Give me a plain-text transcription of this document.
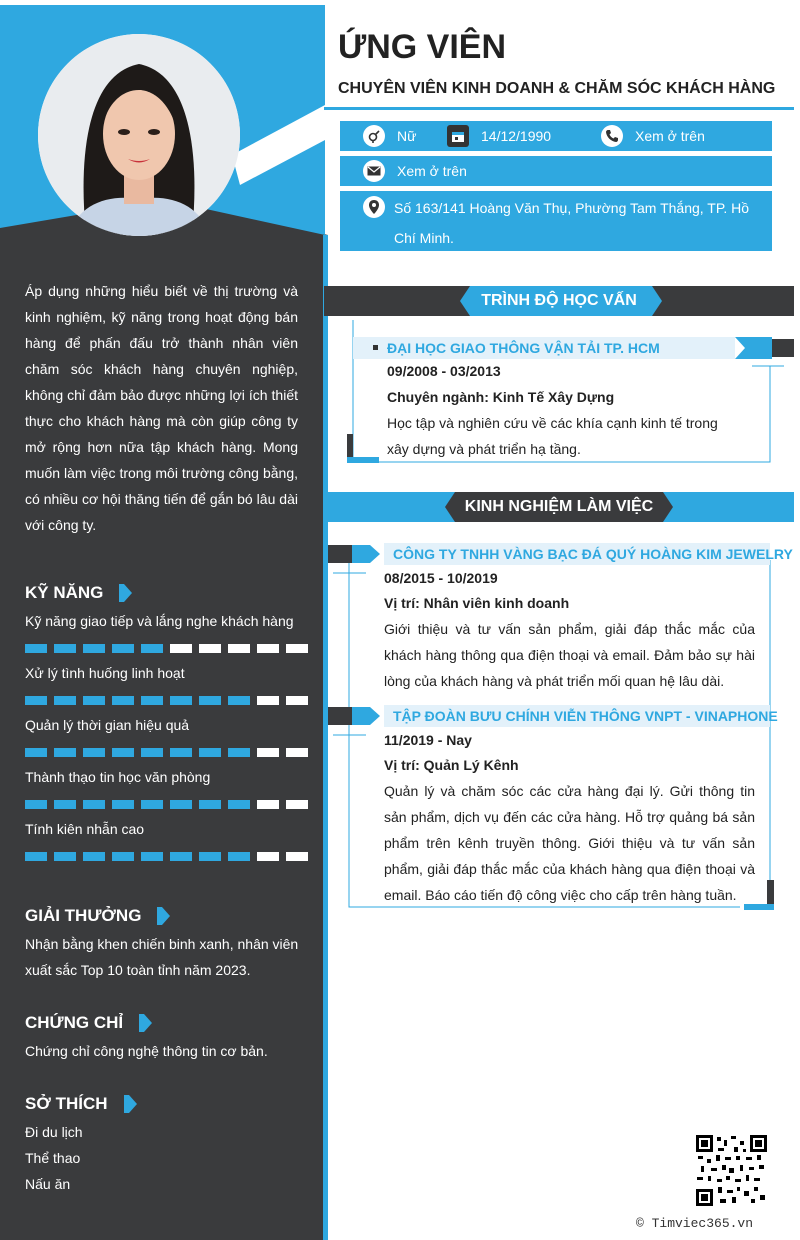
Áp dụng những hiểu biết về thị trường và kinh nghiệm, kỹ năng trong hoạt động bán hàng để phấn đấu trở thành nhân viên chăm sóc khách hàng chuyên nghiệp, không chỉ đảm bảo được những lợi ích thiết thực cho khách hàng mà còn giúp công ty mở rộng hơn nữa tập khách hàng. Mong muốn làm việc trong môi trường công bằng, có nhiều cơ hội thăng tiến để gắn bó lâu dài với công ty.
KỸ NĂNG
Kỹ năng giao tiếp và lắng nghe khách hàng
Xử lý tình huống linh hoạt
Quản lý thời gian hiệu quả
Thành thạo tin học văn phòng
Tính kiên nhẫn cao
GIẢI THƯỞNG
Nhận bằng khen chiến binh xanh, nhân viên xuất sắc Top 10 toàn tỉnh năm 2023.
CHỨNG CHỈ
Chứng chỉ công nghệ thông tin cơ bản.
SỞ THÍCH
Đi du lịch
Thể thao
Nấu ăn
ỨNG VIÊN
CHUYÊN VIÊN KINH DOANH & CHĂM SÓC KHÁCH HÀNG
Nữ	14/12/1990	Xem ở trên
Xem ở trên
Số 163/141 Hoàng Văn Thụ, Phường Tam Thắng, TP. Hồ
Chí Minh.
TRÌNH ĐỘ HỌC VẤN
ĐẠI HỌC GIAO THÔNG VẬN TẢI TP. HCM
09/2008 - 03/2013
Chuyên ngành: Kinh Tế Xây Dựng
Học tập và nghiên cứu về các khía cạnh kinh tế trong
xây dựng và phát triển hạ tầng.
KINH NGHIỆM LÀM VIỆC
CÔNG TY TNHH VÀNG BẠC ĐÁ QUÝ HOÀNG KIM JEWELRY
08/2015 - 10/2019
Vị trí: Nhân viên kinh doanh
Giới thiệu và tư vấn sản phẩm, giải đáp thắc mắc của khách hàng thông qua điện thoại và email. Đảm bảo sự hài lòng của khách hàng và phát triển mối quan hệ lâu dài.
TẬP ĐOÀN BƯU CHÍNH VIỄN THÔNG VNPT - VINAPHONE
11/2019 - Nay
Vị trí: Quản Lý Kênh
Quản lý và chăm sóc các cửa hàng đại lý. Gửi thông tin sản phẩm, dịch vụ đến các cửa hàng. Hỗ trợ quảng bá sản phẩm trên kênh truyền thông. Giới thiệu và tư vấn sản phẩm, giải đáp thắc mắc của khách hàng qua điện thoại và email. Báo cáo tiến độ công việc cho cấp trên hàng tuần.
© Timviec365.vn
